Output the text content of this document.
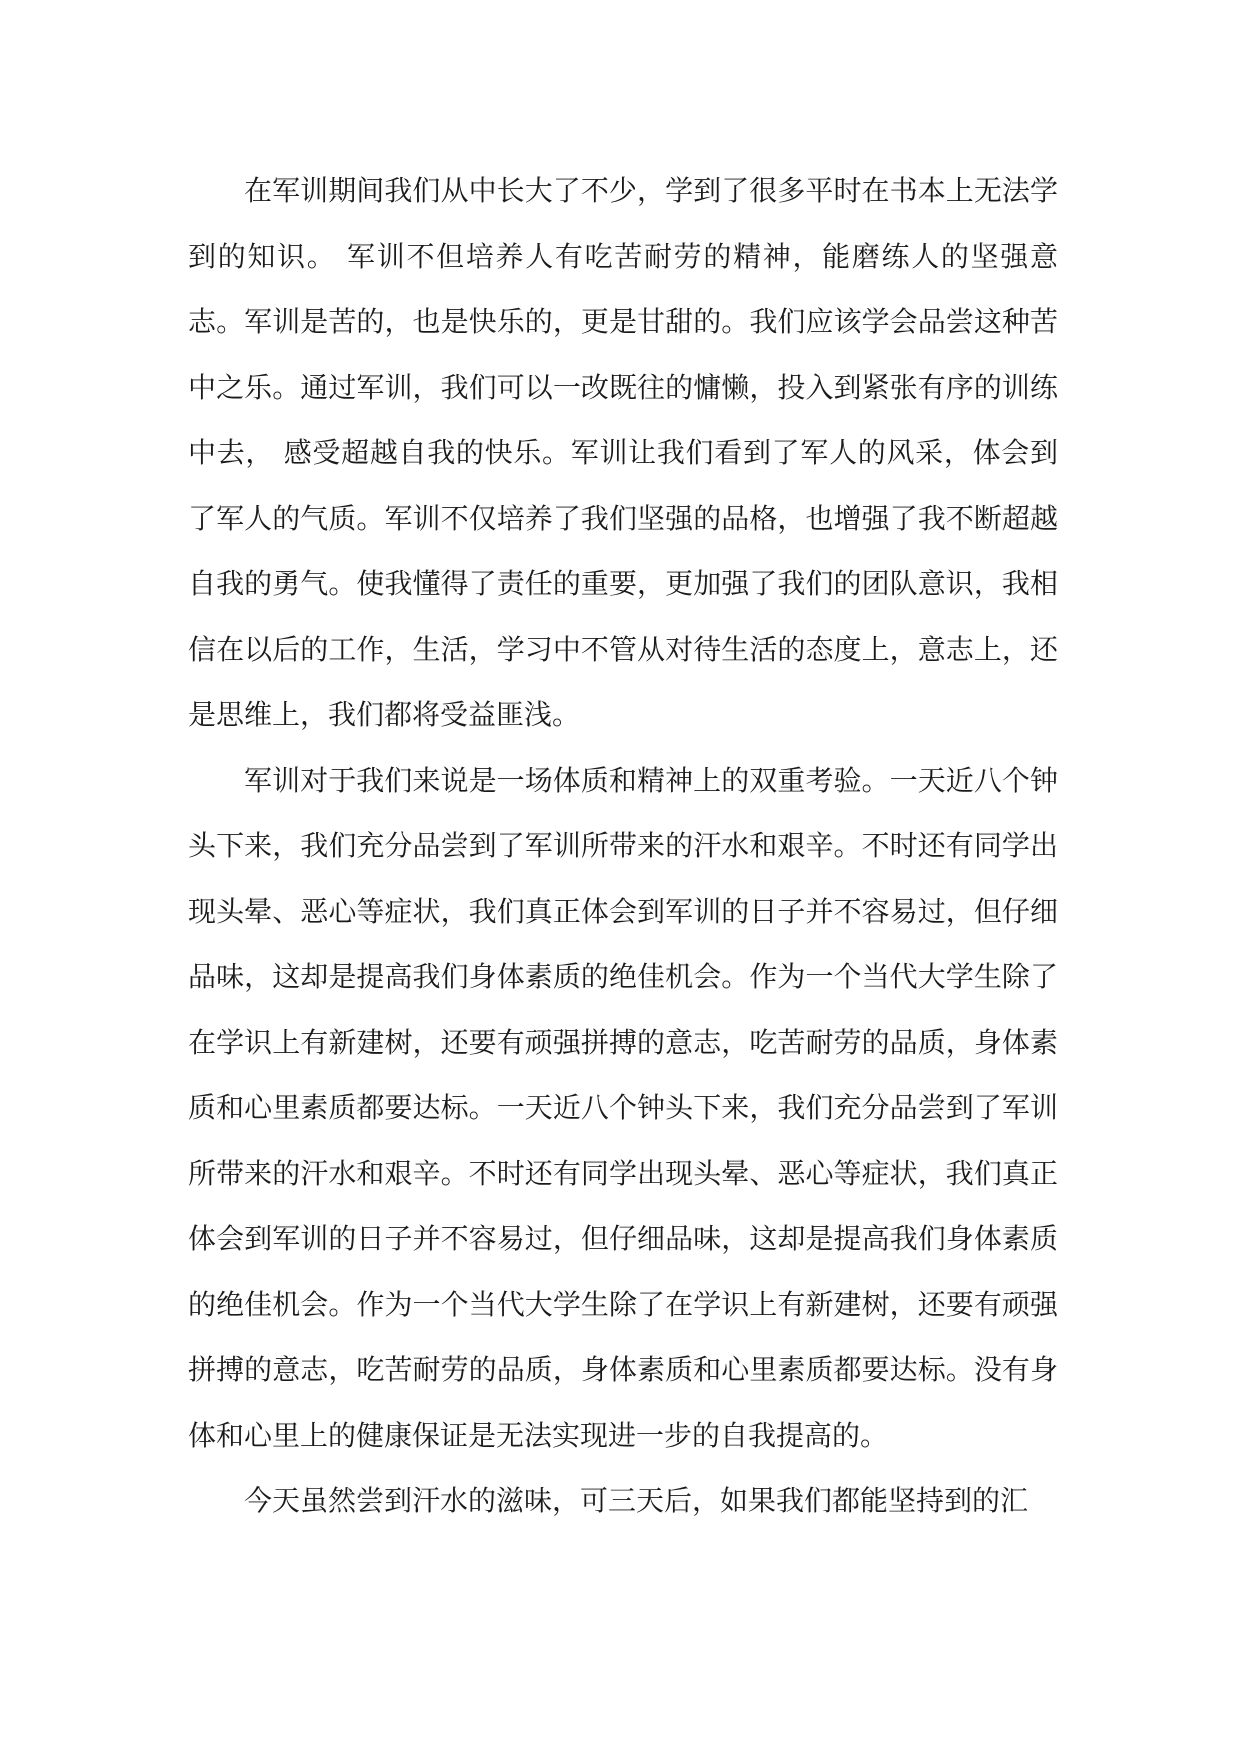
在军训期间我们从中长大了不少，学到了很多平时在书本上无法学到的知识。 军训不但培养人有吃苦耐劳的精神，能磨练人的坚强意志。军训是苦的，也是快乐的，更是甘甜的。我们应该学会品尝这种苦中之乐。通过军训，我们可以一改既往的慵懒，投入到紧张有序的训练中去， 感受超越自我的快乐。军训让我们看到了军人的风采，体会到了军人的气质。军训不仅培养了我们坚强的品格，也增强了我不断超越自我的勇气。使我懂得了责任的重要，更加强了我们的团队意识，我相信在以后的工作，生活，学习中不管从对待生活的态度上，意志上，还是思维上，我们都将受益匪浅。

军训对于我们来说是一场体质和精神上的双重考验。一天近八个钟头下来，我们充分品尝到了军训所带来的汗水和艰辛。不时还有同学出现头晕、恶心等症状，我们真正体会到军训的日子并不容易过，但仔细品味，这却是提高我们身体素质的绝佳机会。作为一个当代大学生除了在学识上有新建树，还要有顽强拼搏的意志，吃苦耐劳的品质，身体素质和心里素质都要达标。一天近八个钟头下来，我们充分品尝到了军训所带来的汗水和艰辛。不时还有同学出现头晕、恶心等症状，我们真正体会到军训的日子并不容易过，但仔细品味，这却是提高我们身体素质的绝佳机会。作为一个当代大学生除了在学识上有新建树，还要有顽强拼搏的意志，吃苦耐劳的品质，身体素质和心里素质都要达标。没有身体和心里上的健康保证是无法实现进一步的自我提高的。

今天虽然尝到汗水的滋味，可三天后，如果我们都能坚持到的汇
